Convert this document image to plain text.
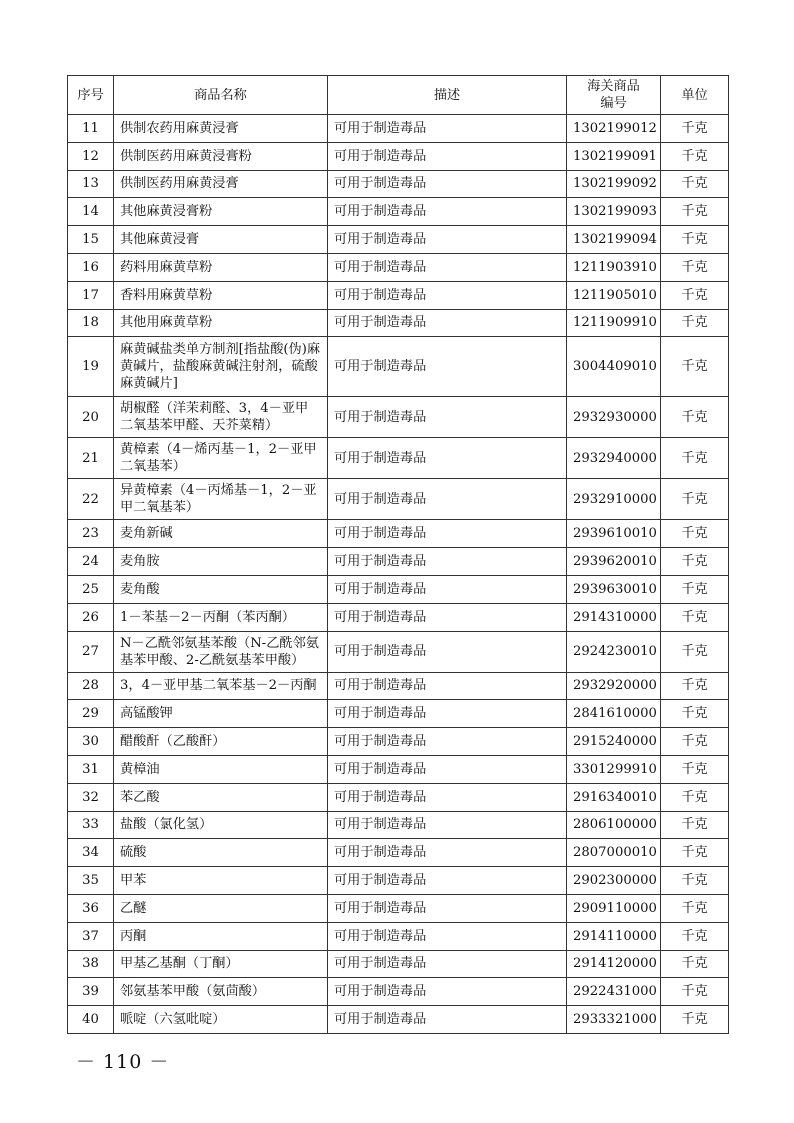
序号	商品名称	描述	海关商品编号	单位
11	供制农药用麻黄浸膏	可用于制造毒品	1302199012	千克
12	供制医药用麻黄浸膏粉	可用于制造毒品	1302199091	千克
13	供制医药用麻黄浸膏	可用于制造毒品	1302199092	千克
14	其他麻黄浸膏粉	可用于制造毒品	1302199093	千克
15	其他麻黄浸膏	可用于制造毒品	1302199094	千克
16	药料用麻黄草粉	可用于制造毒品	1211903910	千克
17	香料用麻黄草粉	可用于制造毒品	1211905010	千克
18	其他用麻黄草粉	可用于制造毒品	1211909910	千克
19	麻黄碱盐类单方制剂[指盐酸(伪)麻黄碱片，盐酸麻黄碱注射剂，硫酸麻黄碱片]	可用于制造毒品	3004409010	千克
20	胡椒醛（洋茉莉醛、3，4－亚甲二氧基苯甲醛、天芥菜精）	可用于制造毒品	2932930000	千克
21	黄樟素（4－烯丙基－1，2－亚甲二氧基苯）	可用于制造毒品	2932940000	千克
22	异黄樟素（4－丙烯基－1，2－亚甲二氧基苯）	可用于制造毒品	2932910000	千克
23	麦角新碱	可用于制造毒品	2939610010	千克
24	麦角胺	可用于制造毒品	2939620010	千克
25	麦角酸	可用于制造毒品	2939630010	千克
26	1－苯基－2－丙酮（苯丙酮）	可用于制造毒品	2914310000	千克
27	N－乙酰邻氨基苯酸（N-乙酰邻氨基苯甲酸、2-乙酰氨基苯甲酸）	可用于制造毒品	2924230010	千克
28	3，4－亚甲基二氧苯基－2－丙酮	可用于制造毒品	2932920000	千克
29	高锰酸钾	可用于制造毒品	2841610000	千克
30	醋酸酐（乙酸酐）	可用于制造毒品	2915240000	千克
31	黄樟油	可用于制造毒品	3301299910	千克
32	苯乙酸	可用于制造毒品	2916340010	千克
33	盐酸（氯化氢）	可用于制造毒品	2806100000	千克
34	硫酸	可用于制造毒品	2807000010	千克
35	甲苯	可用于制造毒品	2902300000	千克
36	乙醚	可用于制造毒品	2909110000	千克
37	丙酮	可用于制造毒品	2914110000	千克
38	甲基乙基酮（丁酮）	可用于制造毒品	2914120000	千克
39	邻氨基苯甲酸（氨茴酸）	可用于制造毒品	2922431000	千克
40	哌啶（六氢吡啶）	可用于制造毒品	2933321000	千克
－ 110 －
